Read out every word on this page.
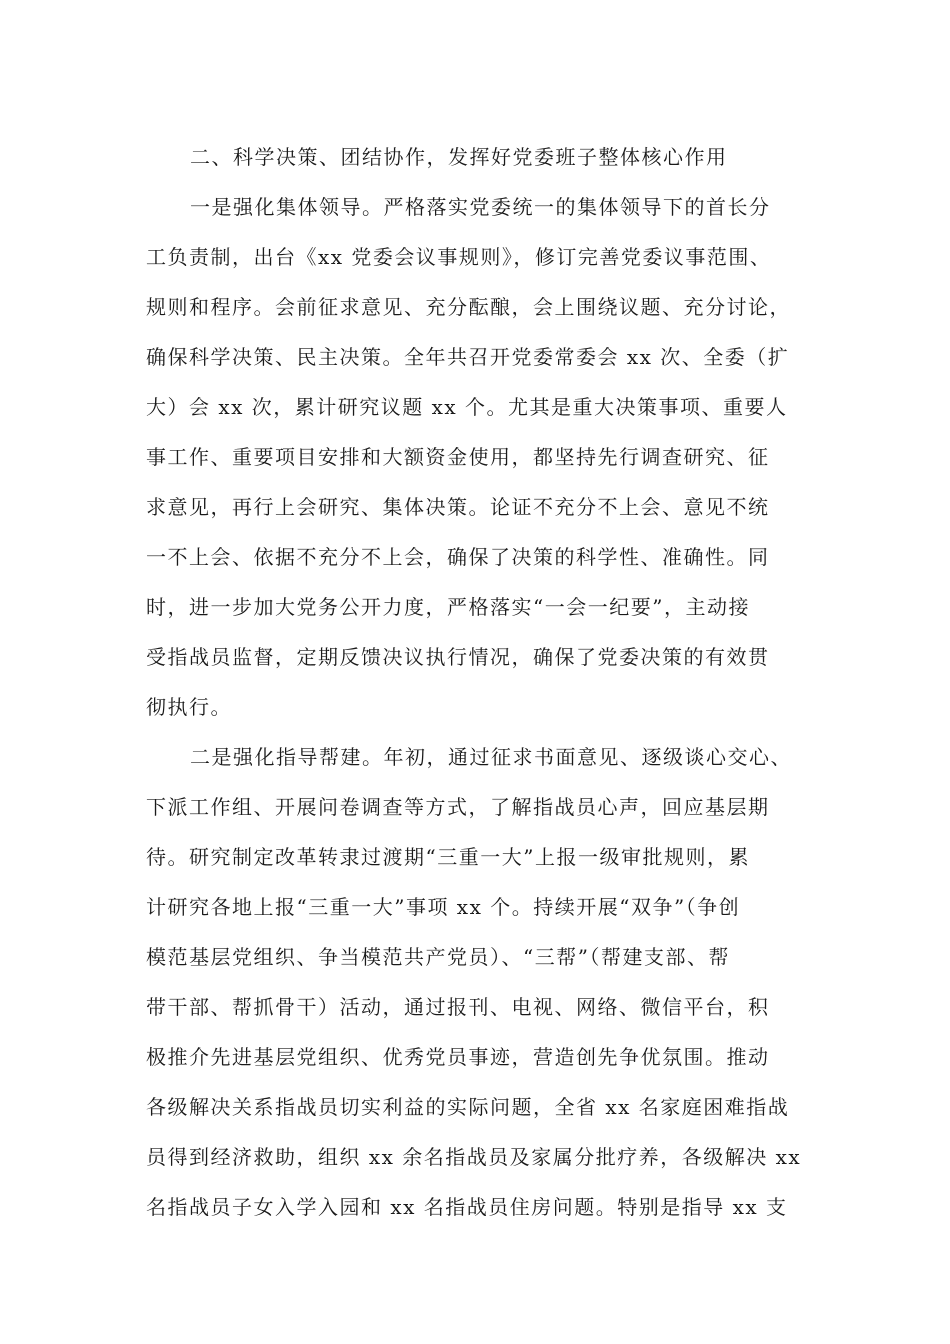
二、科学决策、团结协作，发挥好党委班子整体核心作用
一是强化集体领导。严格落实党委统一的集体领导下的首长分
工负责制，出台《xx 党委会议事规则》，修订完善党委议事范围、
规则和程序。会前征求意见、充分酝酿，会上围绕议题、充分讨论，
确保科学决策、民主决策。全年共召开党委常委会 xx 次、全委（扩
大）会 xx 次，累计研究议题 xx 个。尤其是重大决策事项、重要人
事工作、重要项目安排和大额资金使用，都坚持先行调查研究、征
求意见，再行上会研究、集体决策。论证不充分不上会、意见不统
一不上会、依据不充分不上会，确保了决策的科学性、准确性。同
时，进一步加大党务公开力度，严格落实“一会一纪要”，主动接
受指战员监督，定期反馈决议执行情况，确保了党委决策的有效贯
彻执行。
二是强化指导帮建。年初，通过征求书面意见、逐级谈心交心、
下派工作组、开展问卷调查等方式，了解指战员心声，回应基层期
待。研究制定改革转隶过渡期“三重一大”上报一级审批规则，累
计研究各地上报“三重一大”事项 xx 个。持续开展“双争”（争创
模范基层党组织、争当模范共产党员）、“三帮”（帮建支部、帮
带干部、帮抓骨干）活动，通过报刊、电视、网络、微信平台，积
极推介先进基层党组织、优秀党员事迹，营造创先争优氛围。推动
各级解决关系指战员切实利益的实际问题，全省 xx 名家庭困难指战
员得到经济救助，组织 xx 余名指战员及家属分批疗养，各级解决 xx
名指战员子女入学入园和 xx 名指战员住房问题。特别是指导 xx 支
